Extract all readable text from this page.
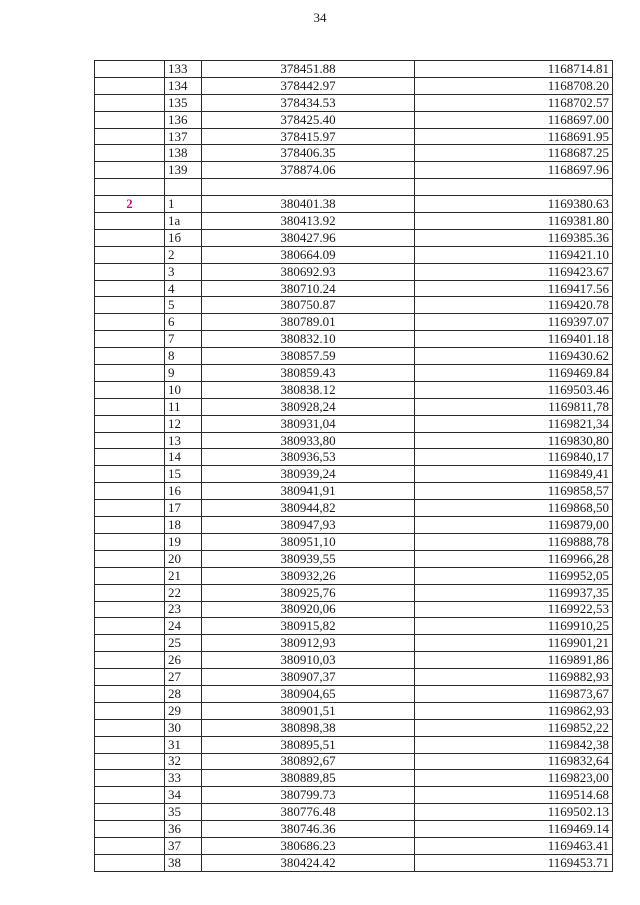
34
	133	378451.88	1168714.81
	134	378442.97	1168708.20
	135	378434.53	1168702.57
	136	378425.40	1168697.00
	137	378415.97	1168691.95
	138	378406.35	1168687.25
	139	378874.06	1168697.96

2	1	380401.38	1169380.63
	1a	380413.92	1169381.80
	1б	380427.96	1169385.36
	2	380664.09	1169421.10
	3	380692.93	1169423.67
	4	380710.24	1169417.56
	5	380750.87	1169420.78
	6	380789.01	1169397.07
	7	380832.10	1169401.18
	8	380857.59	1169430.62
	9	380859.43	1169469.84
	10	380838.12	1169503.46
	11	380928,24	1169811,78
	12	380931,04	1169821,34
	13	380933,80	1169830,80
	14	380936,53	1169840,17
	15	380939,24	1169849,41
	16	380941,91	1169858,57
	17	380944,82	1169868,50
	18	380947,93	1169879,00
	19	380951,10	1169888,78
	20	380939,55	1169966,28
	21	380932,26	1169952,05
	22	380925,76	1169937,35
	23	380920,06	1169922,53
	24	380915,82	1169910,25
	25	380912,93	1169901,21
	26	380910,03	1169891,86
	27	380907,37	1169882,93
	28	380904,65	1169873,67
	29	380901,51	1169862,93
	30	380898,38	1169852,22
	31	380895,51	1169842,38
	32	380892,67	1169832,64
	33	380889,85	1169823,00
	34	380799.73	1169514.68
	35	380776.48	1169502.13
	36	380746.36	1169469.14
	37	380686.23	1169463.41
	38	380424.42	1169453.71
